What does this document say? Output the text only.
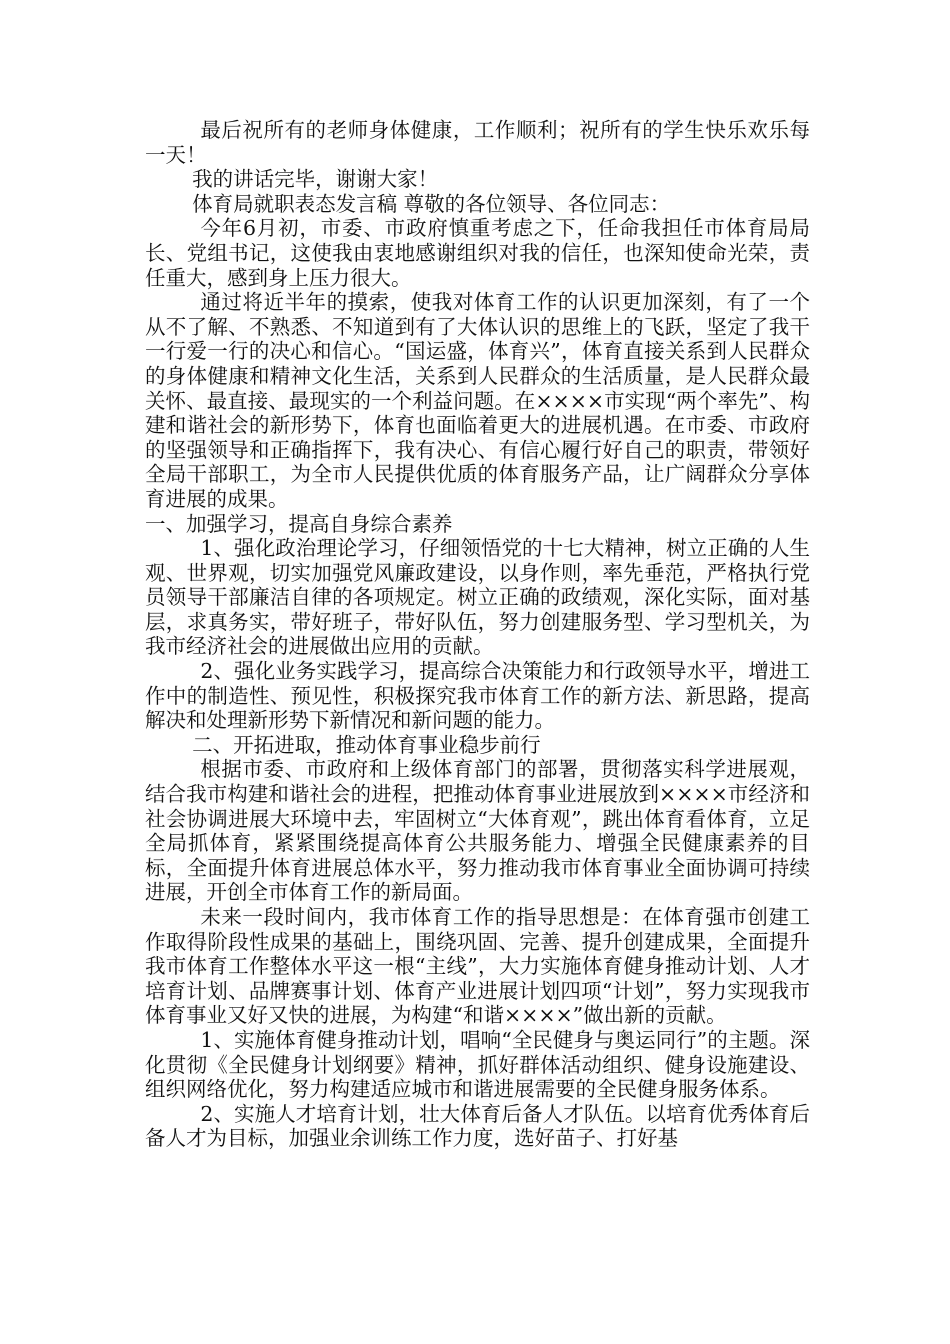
最后祝所有的老师身体健康，工作顺利；祝所有的学生快乐欢乐每一天！

我的讲话完毕，谢谢大家！

体育局就职表态发言稿 尊敬的各位领导、各位同志：

今年6月初，市委、市政府慎重考虑之下，任命我担任市体育局局长、党组书记，这使我由衷地感谢组织对我的信任，也深知使命光荣，责任重大，感到身上压力很大。

通过将近半年的摸索，使我对体育工作的认识更加深刻，有了一个从不了解、不熟悉、不知道到有了大体认识的思维上的飞跃，坚定了我干一行爱一行的决心和信心。“国运盛，体育兴”，体育直接关系到人民群众的身体健康和精神文化生活，关系到人民群众的生活质量，是人民群众最关怀、最直接、最现实的一个利益问题。在××××市实现“两个率先”、构建和谐社会的新形势下，体育也面临着更大的进展机遇。在市委、市政府的坚强领导和正确指挥下，我有决心、有信心履行好自己的职责，带领好全局干部职工，为全市人民提供优质的体育服务产品，让广阔群众分享体育进展的成果。

一、加强学习，提高自身综合素养

1、强化政治理论学习，仔细领悟党的十七大精神，树立正确的人生观、世界观，切实加强党风廉政建设，以身作则，率先垂范，严格执行党员领导干部廉洁自律的各项规定。树立正确的政绩观，深化实际，面对基层，求真务实，带好班子，带好队伍，努力创建服务型、学习型机关，为我市经济社会的进展做出应用的贡献。

2、强化业务实践学习，提高综合决策能力和行政领导水平，增进工作中的制造性、预见性，积极探究我市体育工作的新方法、新思路，提高解决和处理新形势下新情况和新问题的能力。

二、开拓进取，推动体育事业稳步前行

根据市委、市政府和上级体育部门的部署，贯彻落实科学进展观，结合我市构建和谐社会的进程，把推动体育事业进展放到××××市经济和社会协调进展大环境中去，牢固树立“大体育观”，跳出体育看体育，立足全局抓体育，紧紧围绕提高体育公共服务能力、增强全民健康素养的目标，全面提升体育进展总体水平，努力推动我市体育事业全面协调可持续进展，开创全市体育工作的新局面。

未来一段时间内，我市体育工作的指导思想是：在体育强市创建工作取得阶段性成果的基础上，围绕巩固、完善、提升创建成果，全面提升我市体育工作整体水平这一根“主线”，大力实施体育健身推动计划、人才培育计划、品牌赛事计划、体育产业进展计划四项“计划”，努力实现我市体育事业又好又快的进展，为构建“和谐××××”做出新的贡献。

1、实施体育健身推动计划，唱响“全民健身与奥运同行”的主题。深化贯彻《全民健身计划纲要》精神，抓好群体活动组织、健身设施建设、组织网络优化，努力构建适应城市和谐进展需要的全民健身服务体系。

2、实施人才培育计划，壮大体育后备人才队伍。以培育优秀体育后备人才为目标，加强业余训练工作力度，选好苗子、打好基
